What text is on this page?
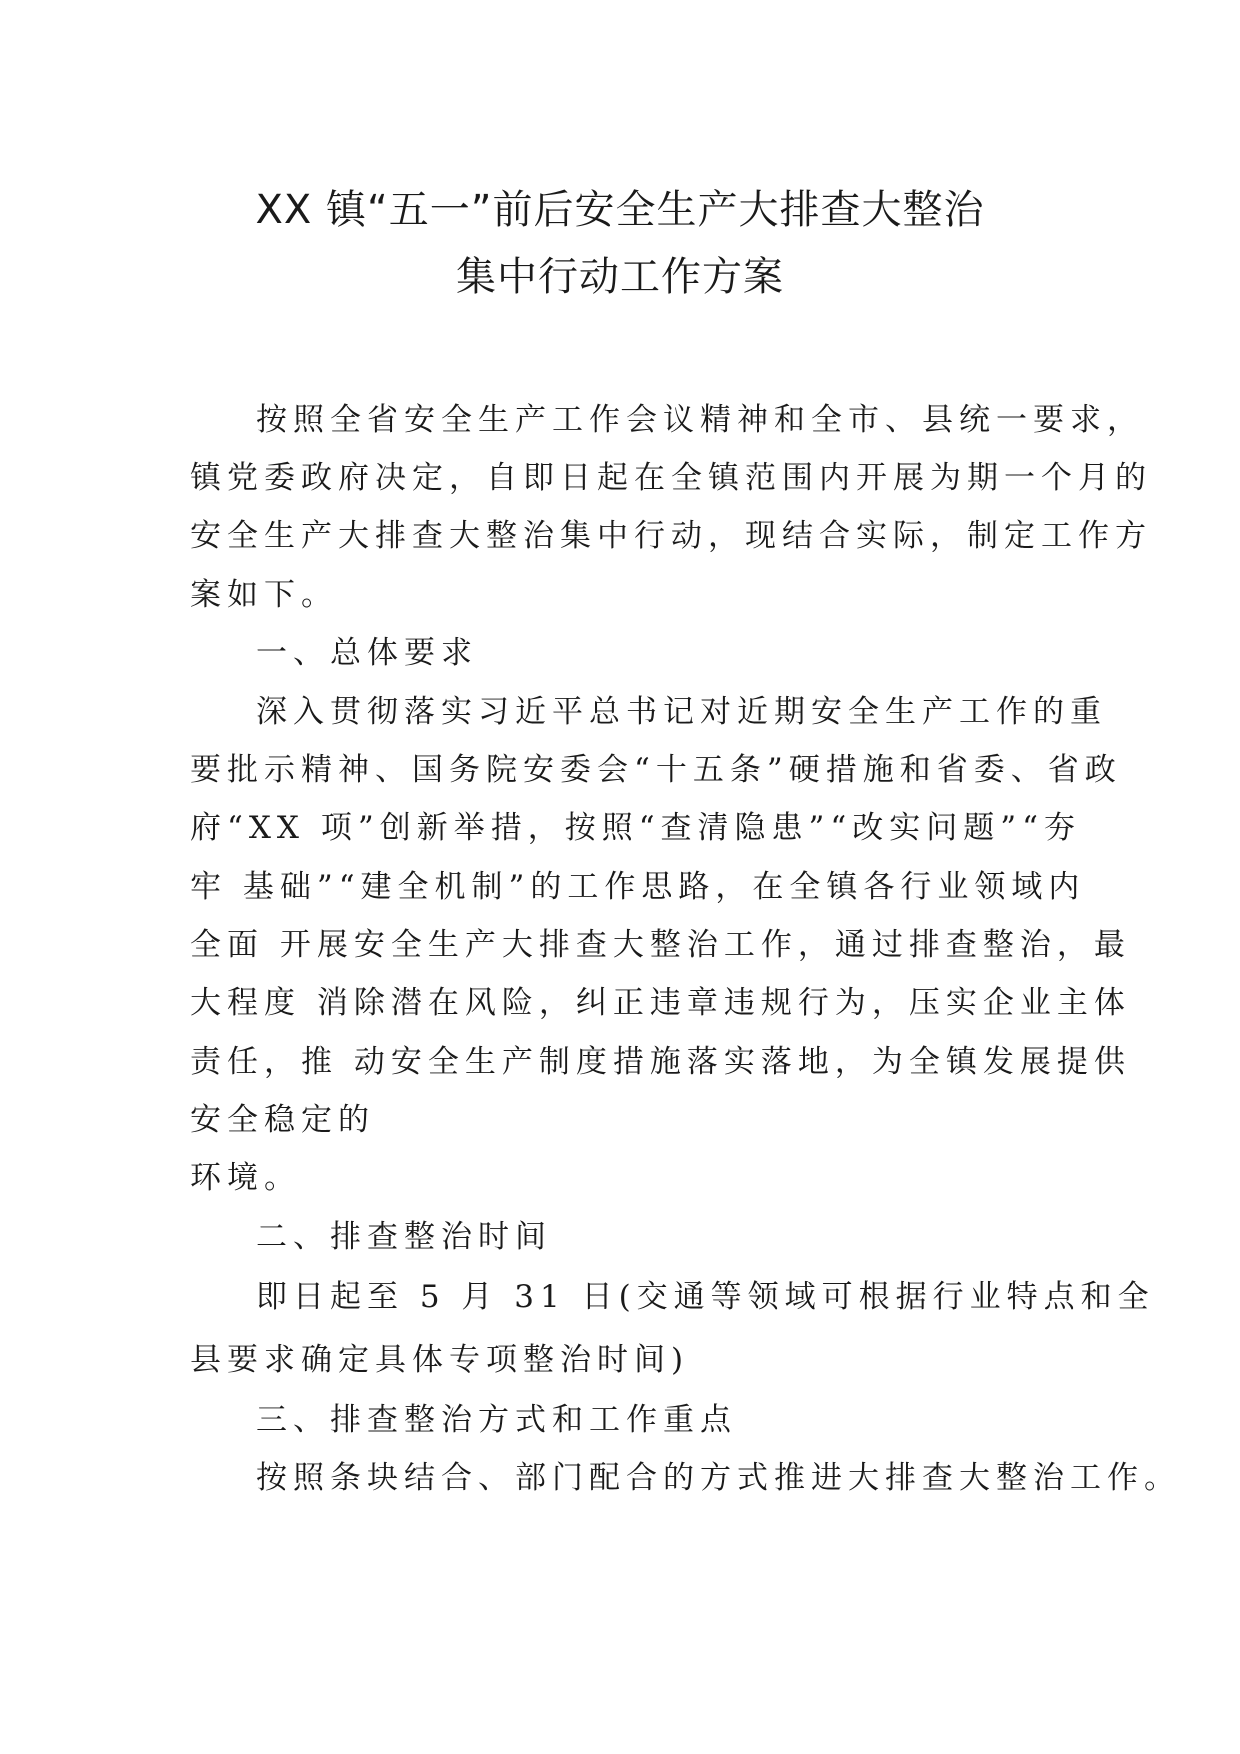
XX 镇“五一”前后安全生产大排查大整治
集中行动工作方案
按照全省安全生产工作会议精神和全市、县统一要求，
镇党委政府决定，自即日起在全镇范围内开展为期一个月的
安全生产大排查大整治集中行动，现结合实际，制定工作方
案如下。
一、总体要求
深入贯彻落实习近平总书记对近期安全生产工作的重
要批示精神、国务院安委会“十五条”硬措施和省委、省政
府“XX 项”创新举措，按照“查清隐患”“改实问题”“夯
牢 基础”“建全机制”的工作思路，在全镇各行业领域内
全面 开展安全生产大排查大整治工作，通过排查整治，最
大程度 消除潜在风险，纠正违章违规行为，压实企业主体
责任，推 动安全生产制度措施落实落地，为全镇发展提供
安全稳定的
环境。
二、排查整治时间
即日起至 5 月 31 日(交通等领域可根据行业特点和全
县要求确定具体专项整治时间)
三、排查整治方式和工作重点
按照条块结合、部门配合的方式推进大排查大整治工作。
